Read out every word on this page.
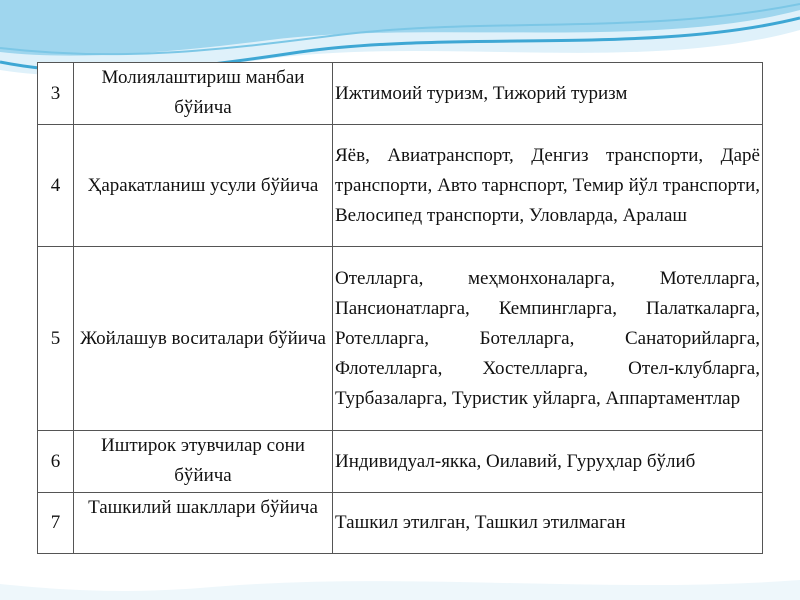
3	Молиялаштириш манбаи бўйича	Ижтимоий туризм, Тижорий туризм
4	Ҳаракатланиш усули бўйича	Яёв, Авиатранспорт, Денгиз транспорти, Дарё транспорти, Авто тарнспорт, Темир йўл транспорти, Велосипед транспорти, Уловларда, Аралаш
5	Жойлашув воситалари бўйича	Отелларга, меҳмонхоналарга, Мотелларга, Пансионатларга, Кемпингларга, Палаткаларга, Ротелларга, Ботелларга, Санаторийларга, Флотелларга, Хостелларга, Отел-клубларга, Турбазаларга, Туристик уйларга, Аппартаментлар
6	Иштирок этувчилар сони бўйича	Индивидуал-якка, Оилавий, Гуруҳлар бўлиб
7	Ташкилий шакллари бўйича	Ташкил этилган, Ташкил этилмаган
